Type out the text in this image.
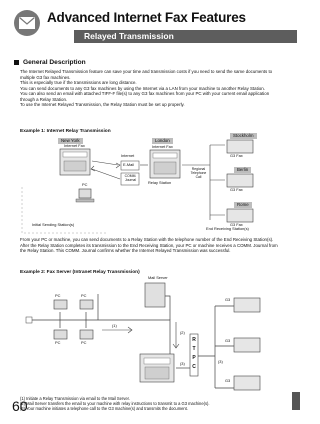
Advanced Internet Fax Features
Relayed Transmission
General Description

The Internet Relayed Transmission feature can save your time and transmission costs if you need to send the same documents to multiple G3 fax machines.

This is especially true if the transmissions are long distance.

You can send documents to any G3 fax machines by using the Internet via a LAN from your machine to another Relay Station.

You can also send an email with attached TIFF-F file(s) to any G3 fax machines from your PC with your current email application through a Relay Station.

To use the Internet Relayed Transmission, the Relay Station must be set up properly.

Example 1: Internet Relay Transmission
New York
Internet Fax
Internet
London
Internet Fax
E-Mail
COMM. Journal
Regional Telephone Call
Stockholm
G3 Fax
Berlin
G3 Fax
Rome
G3 Fax
PC	Relay Station
Initial Sending Station(s)
End Receiving Station(s)

From your PC or machine, you can send documents to a Relay Station with the telephone number of the End Receiving Station(s).

After the Relay Station completes its transmission to the End Receiving Station, your PC or machine receives a COMM. Journal from the Relay Station. This COMM. Journal confirms whether the Internet Relayed Transmission was successful.

Example 2: Fax Server (Intranet Relay Transmission)
Mail Server
PC	PC
PC	PC
(1)
(2)
(3)	(3)
R
T
P
C
G3
G3
G3

(1) Initiate a Relay Transmission via email to the Mail Server.

(2) Mail Server transfers the email to your machine with relay instructions to transmit to a G3 machine(s).

(3) Your machine initiates a telephone call to the G3 machine(s) and transmits the document.

60
